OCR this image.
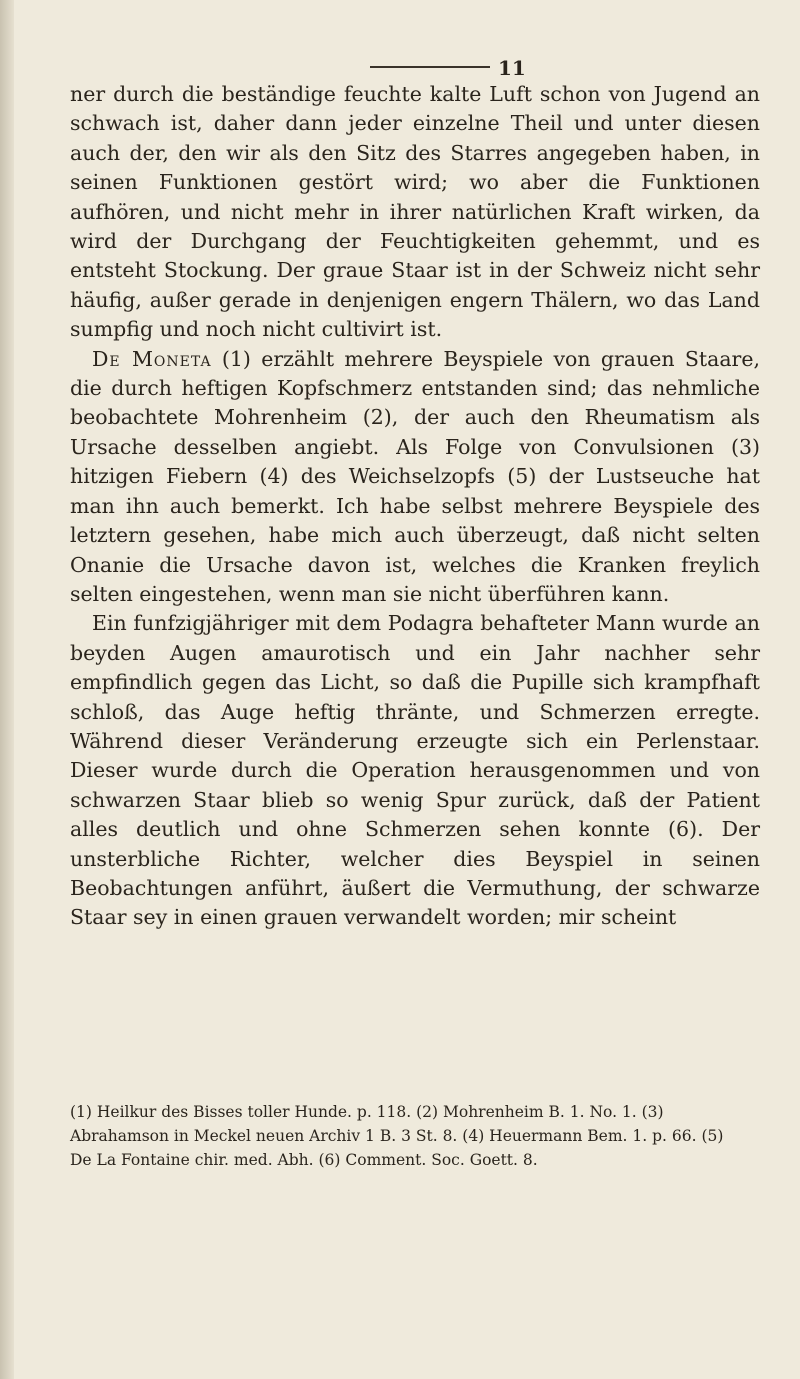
11

ner durch die beständige feuchte kalte Luft schon von Jugend an schwach ist, daher dann jeder einzelne Theil und unter diesen auch der, den wir als den Sitz des Starres angegeben haben, in seinen Funktionen gestört wird; wo aber die Funktionen aufhören, und nicht mehr in ihrer natürlichen Kraft wirken, da wird der Durchgang der Feuchtigkeiten gehemmt, und es entsteht Stockung. Der graue Staar ist in der Schweiz nicht sehr häufig, außer gerade in denjenigen engern Thälern, wo das Land sumpfig und noch nicht cultivirt ist.

De Moneta (1) erzählt mehrere Beyspiele von grauen Staare, die durch heftigen Kopfschmerz entstanden sind; das nehmliche beobachtete Mohrenheim (2), der auch den Rheumatism als Ursache desselben angiebt. Als Folge von Convulsionen (3) hitzigen Fiebern (4) des Weichselzopfs (5) der Lustseuche hat man ihn auch bemerkt. Ich habe selbst mehrere Beyspiele des letztern gesehen, habe mich auch überzeugt, daß nicht selten Onanie die Ursache davon ist, welches die Kranken freylich selten eingestehen, wenn man sie nicht überführen kann.

Ein funfzigjähriger mit dem Podagra behafteter Mann wurde an beyden Augen amaurotisch und ein Jahr nachher sehr empfindlich gegen das Licht, so daß die Pupille sich krampfhaft schloß, das Auge heftig thränte, und Schmerzen erregte. Während dieser Veränderung erzeugte sich ein Perlenstaar. Dieser wurde durch die Operation herausgenommen und von schwarzen Staar blieb so wenig Spur zurück, daß der Patient alles deutlich und ohne Schmerzen sehen konnte (6). Der unsterbliche Richter, welcher dies Beyspiel in seinen Beobachtungen anführt, äußert die Vermuthung, der schwarze Staar sey in einen grauen verwandelt worden; mir scheint

(1) Heilkur des Bisses toller Hunde. p. 118. (2) Mohrenheim B. 1. No. 1. (3) Abrahamson in Meckel neuen Archiv 1 B. 3 St. 8. (4) Heuermann Bem. 1. p. 66. (5)

De La Fontaine chir. med. Abh. (6) Comment. Soc. Goett. 8.
